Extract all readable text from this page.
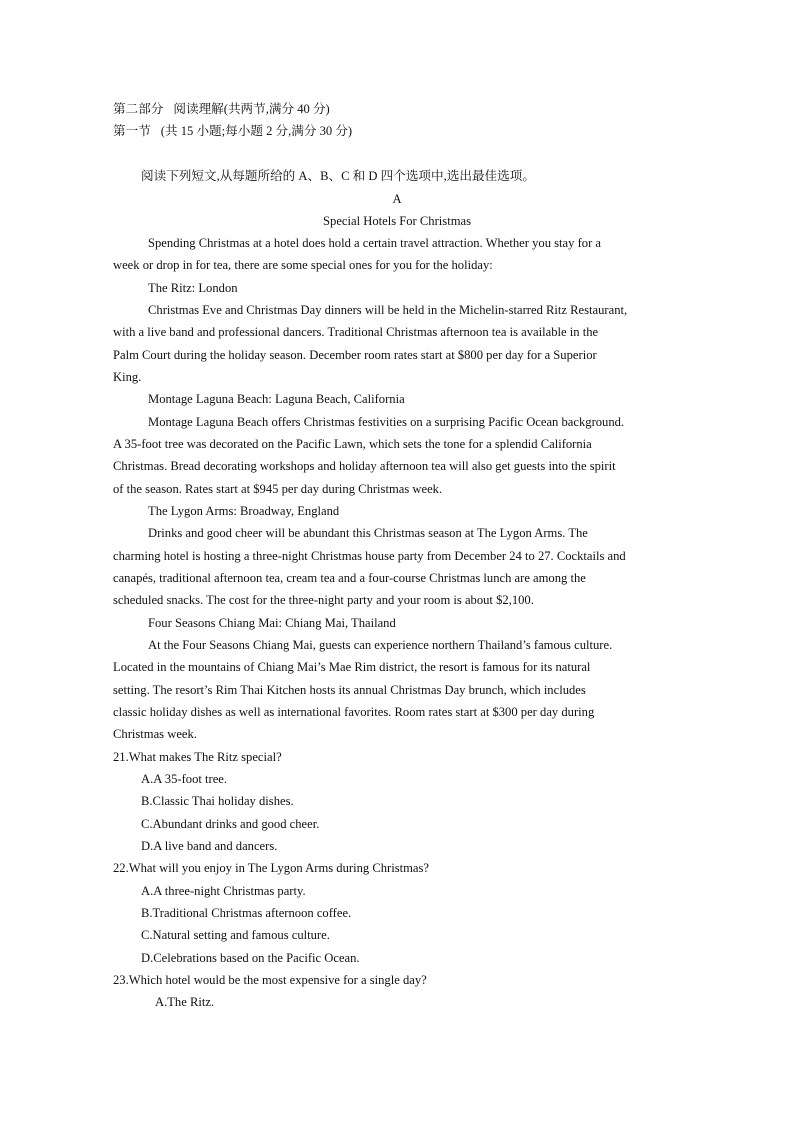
第二部分 阅读理解(共两节,满分 40 分)
第一节 (共 15 小题;每小题 2 分,满分 30 分)
阅读下列短文,从每题所给的 A、B、C 和 D 四个选项中,选出最佳选项。
A
Special Hotels For Christmas
Spending Christmas at a hotel does hold a certain travel attraction. Whether you stay for a
week or drop in for tea, there are some special ones for you for the holiday:
The Ritz: London
Christmas Eve and Christmas Day dinners will be held in the Michelin-starred Ritz Restaurant,
with a live band and professional dancers. Traditional Christmas afternoon tea is available in the
Palm Court during the holiday season. December room rates start at $800 per day for a Superior
King.
Montage Laguna Beach: Laguna Beach, California
Montage Laguna Beach offers Christmas festivities on a surprising Pacific Ocean background.
A 35-foot tree was decorated on the Pacific Lawn, which sets the tone for a splendid California
Christmas. Bread decorating workshops and holiday afternoon tea will also get guests into the spirit
of the season. Rates start at $945 per day during Christmas week.
The Lygon Arms: Broadway, England
Drinks and good cheer will be abundant this Christmas season at The Lygon Arms. The
charming hotel is hosting a three-night Christmas house party from December 24 to 27. Cocktails and
canapés, traditional afternoon tea, cream tea and a four-course Christmas lunch are among the
scheduled snacks. The cost for the three-night party and your room is about $2,100.
Four Seasons Chiang Mai: Chiang Mai, Thailand
At the Four Seasons Chiang Mai, guests can experience northern Thailand’s famous culture.
Located in the mountains of Chiang Mai’s Mae Rim district, the resort is famous for its natural
setting. The resort’s Rim Thai Kitchen hosts its annual Christmas Day brunch, which includes
classic holiday dishes as well as international favorites. Room rates start at $300 per day during
Christmas week.
21.What makes The Ritz special?
A.A 35-foot tree.
B.Classic Thai holiday dishes.
C.Abundant drinks and good cheer.
D.A live band and dancers.
22.What will you enjoy in The Lygon Arms during Christmas?
A.A three-night Christmas party.
B.Traditional Christmas afternoon coffee.
C.Natural setting and famous culture.
D.Celebrations based on the Pacific Ocean.
23.Which hotel would be the most expensive for a single day?
A.The Ritz.
